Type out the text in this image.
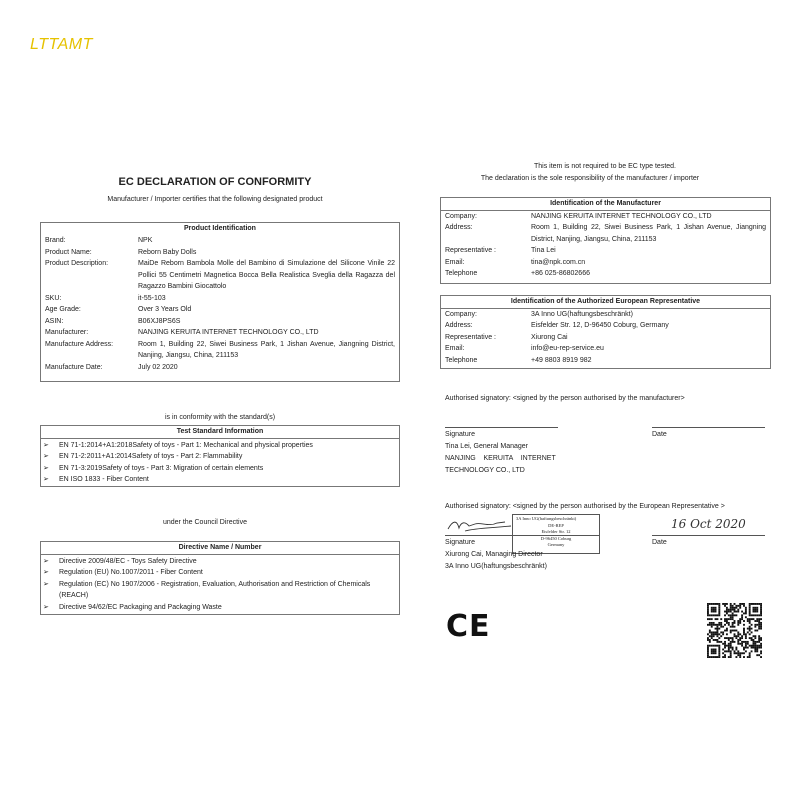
LTTAMT
EC DECLARATION OF CONFORMITY
Manufacturer / Importer certifies that the following designated product
Product Identification
Brand:	NPK
Product Name:	Reborn Baby Dolls
Product Description:	MaiDe Reborn Bambola Molle del Bambino di Simulazione del Silicone Vinile 22 Pollici 55 Centimetri Magnetica Bocca Bella Realistica Sveglia della Ragazza del Ragazzo Bambini Giocattolo
SKU:	it-55-103
Age Grade:	Over 3 Years Old
ASIN:	B06XJ8PS6S
Manufacturer:	NANJING KERUITA INTERNET TECHNOLOGY CO., LTD
Manufacture Address:	Room 1, Building 22, Siwei Business Park, 1 Jishan Avenue, Jiangning District, Nanjing, Jiangsu, China, 211153
Manufacture Date:	July 02 2020
is in conformity with the standard(s)
Test Standard Information
➢	EN 71-1:2014+A1:2018Safety of toys - Part 1: Mechanical and physical properties
➢	EN 71-2:2011+A1:2014Safety of toys - Part 2: Flammability
➢	EN 71-3:2019Safety of toys - Part 3: Migration of certain elements
➢	EN ISO 1833 - Fiber Content
under the Council Directive
Directive Name / Number
➢	Directive 2009/48/EC - Toys Safety Directive
➢	Regulation (EU) No.1007/2011 - Fiber Content
➢	Regulation (EC) No 1907/2006 - Registration, Evaluation, Authorisation and Restriction of Chemicals (REACH)
➢	Directive 94/62/EC Packaging and Packaging Waste
This item is not required to be EC type tested.
The declaration is the sole responsibility of the manufacturer / importer
Identification of the Manufacturer
Company:	NANJING KERUITA INTERNET TECHNOLOGY CO., LTD
Address:	Room 1, Building 22, Siwei Business Park, 1 Jishan Avenue, Jiangning District, Nanjing, Jiangsu, China, 211153
Representative :	Tina Lei
Email:	tina@npk.com.cn
Telephone	+86 025-86802666
Identification of the Authorized European Representative
Company:	3A Inno UG(haftungsbeschränkt)
Address:	Eisfelder Str. 12, D-96450 Coburg, Germany
Representative :	Xiurong Cai
Email:	info@eu-rep-service.eu
Telephone	+49 8803 8919 982
Authorised signatory: <signed by the person authorised by the manufacturer>
Signature	Date
Tina Lei, General Manager
NANJING    KERUITA    INTERNET
TECHNOLOGY CO., LTD
Authorised signatory: <signed by the person authorised by the European Representative >
3A Inno UG(haftungsbeschränkt)
DE-REP
Eisfelder Str. 12
D-96450 Coburg
Germany
16 Oct 2020
Signature	Date
Xiurong Cai, Managing Director
3A Inno UG(haftungsbeschränkt)
CE
